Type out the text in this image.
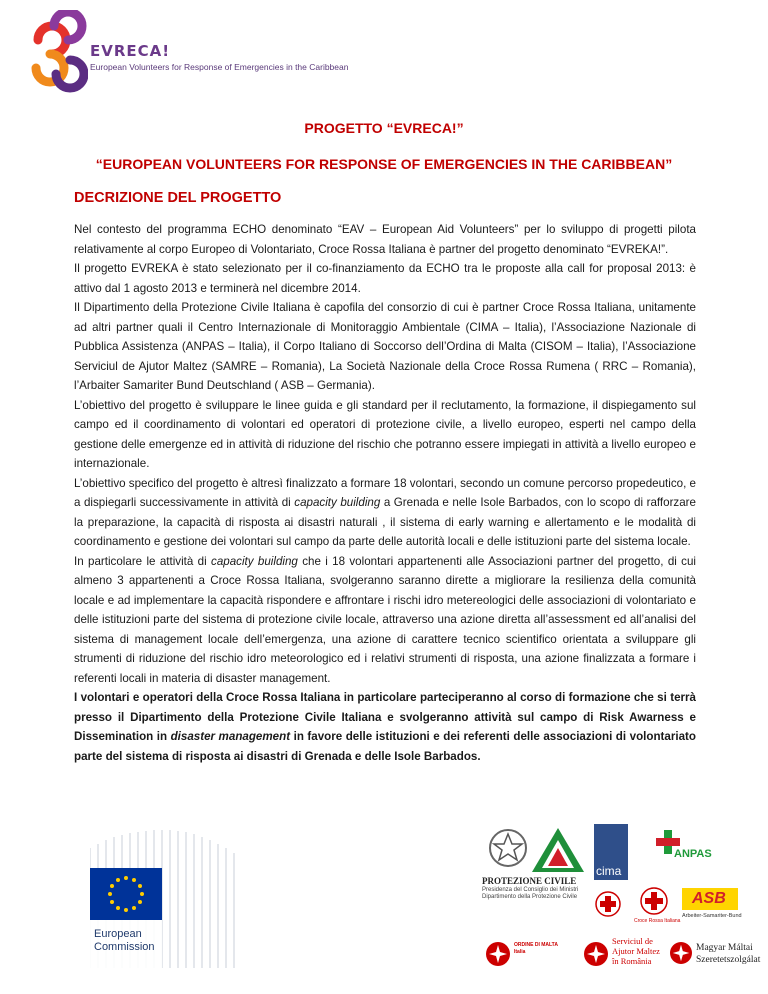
EVRECA!
European Volunteers for Response of Emergencies in the Caribbean
PROGETTO “EVRECA!”
“EUROPEAN VOLUNTEERS FOR RESPONSE OF EMERGENCIES IN THE CARIBBEAN”
DECRIZIONE DEL PROGETTO

Nel contesto del programma ECHO denominato “EAV – European Aid Volunteers” per lo sviluppo di progetti pilota relativamente al corpo Europeo di Volontariato, Croce Rossa Italiana è partner del progetto denominato “EVREKA!”.

Il progetto EVREKA è stato selezionato per il co-finanziamento da ECHO tra le proposte alla call for proposal 2013: è attivo dal 1 agosto 2013 e terminerà nel dicembre 2014.

Il Dipartimento della Protezione Civile Italiana è capofila del consorzio di cui è partner Croce Rossa Italiana, unitamente ad altri partner quali il Centro Internazionale di Monitoraggio Ambientale (CIMA – Italia), l’Associazione Nazionale di Pubblica Assistenza (ANPAS – Italia), il Corpo Italiano di Soccorso dell’Ordina di Malta (CISOM – Italia), l’Associazione Serviciul de Ajutor Maltez (SAMRE – Romania), La Società Nazionale della Croce Rossa Rumena ( RRC – Romania), l’Arbaiter Samariter Bund Deutschland ( ASB – Germania).

L’obiettivo del progetto è sviluppare le linee guida e gli standard per il reclutamento, la formazione, il dispiegamento sul campo ed il coordinamento di volontari ed operatori di protezione civile, a livello europeo, esperti nel campo della gestione delle emergenze ed in attività di riduzione del rischio che potranno essere impiegati in attività a livello europeo e internazionale.

L’obiettivo specifico del progetto è altresì finalizzato a formare 18 volontari, secondo un comune percorso propedeutico, e a dispiegarli successivamente in attività di capacity building a Grenada e nelle Isole Barbados, con lo scopo di rafforzare la preparazione, la capacità di risposta ai disastri naturali , il sistema di early warning e allertamento e le modalità di coordinamento e gestione dei volontari sul campo da parte delle autorità locali e delle istituzioni parte del sistema locale.

In particolare le attività di capacity building che i 18 volontari appartenenti alle Associazioni partner del progetto, di cui almeno 3 appartenenti a Croce Rossa Italiana, svolgeranno saranno dirette a migliorare la resilienza della comunità locale e ad implementare la capacità rispondere e affrontare i rischi idro metereologici delle associazioni di volontariato e delle istituzioni parte del sistema di protezione civile locale, attraverso una azione diretta all’assessment ed all’analisi del sistema di management locale dell’emergenza, una azione di carattere tecnico scientifico orientata a sviluppare gli strumenti di riduzione del rischio idro meteorologico ed i relativi strumenti di risposta, una azione finalizzata a formare i referenti locali in materia di disaster management.

I volontari e operatori della Croce Rossa Italiana in particolare parteciperanno al corso di formazione che si terrà presso il Dipartimento della Protezione Civile Italiana e svolgeranno attività sul campo di Risk Awarness e Dissemination in disaster management in favore delle istituzioni e dei referenti delle associazioni di volontariato parte del sistema di risposta ai disastri di Grenada e delle Isole Barbados.

European
Commission
PROTEZIONE CIVILE
Presidenza del Consiglio dei Ministri
Dipartimento della Protezione Civile
cima
Croce Rossa Italiana
ANPAS
ASB
Arbeiter-Samariter-Bund
ORDINE DI MALTA
Italia
Serviciul de
Ajutor Maltez
în România
Magyar Máltai
Szeretetszolgálat
